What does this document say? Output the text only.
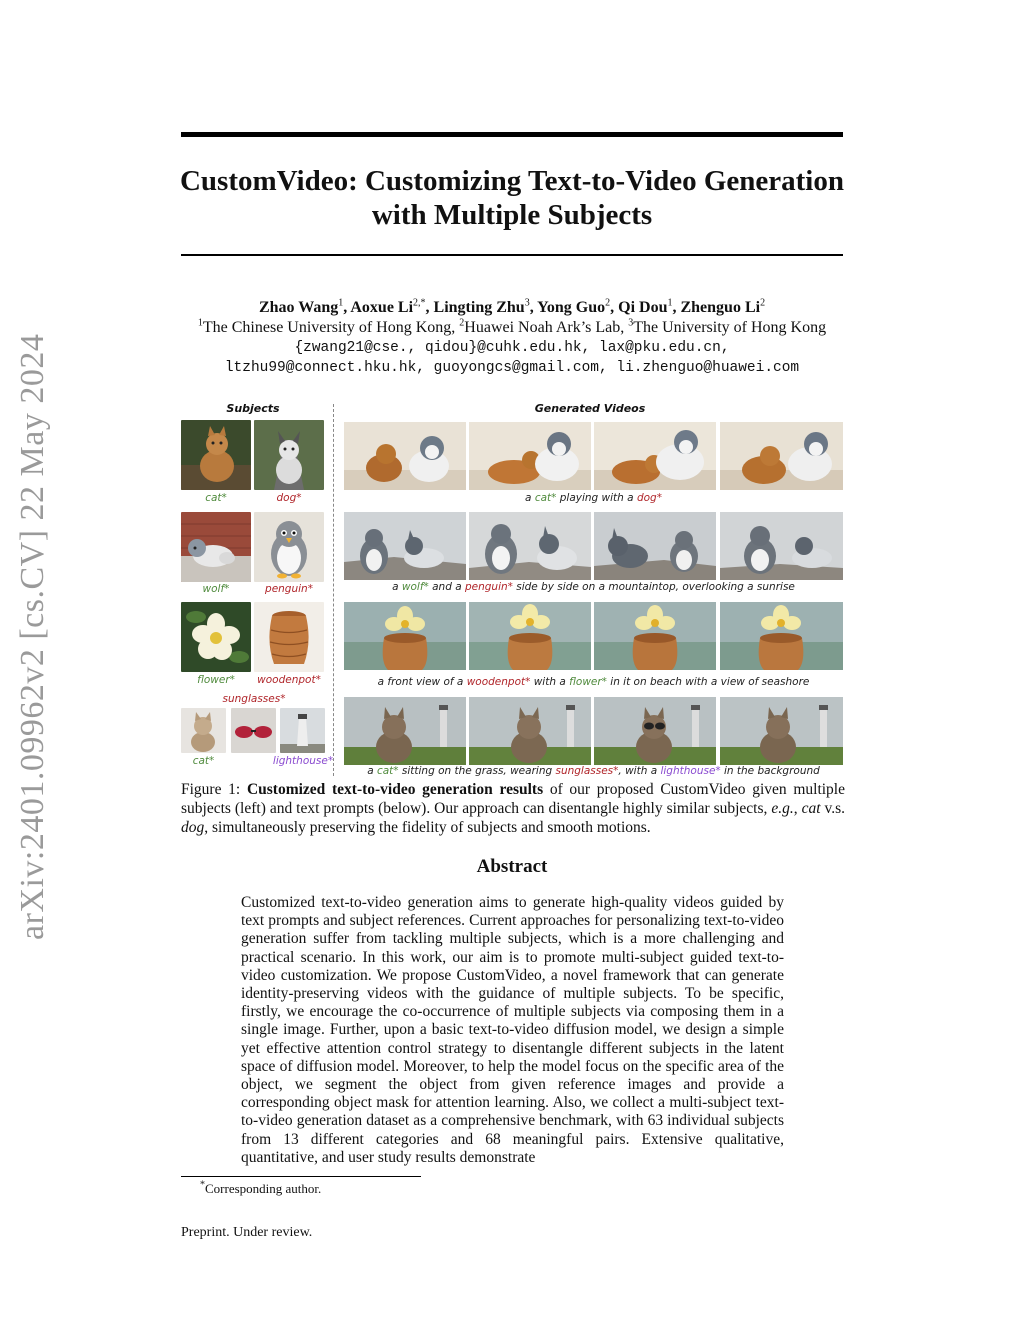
arXiv:2401.09962v2 [cs.CV] 22 May 2024
CustomVideo: Customizing Text-to-Video Generation
with Multiple Subjects
Zhao Wang$^1$, Aoxue $Li^{2,*}$, Lingting Zhu$^3$, Yong Guo$^2$, Qi Dou$^1$, Zhenguo Li$^2$
$^1$The Chinese University of Hong Kong, $^2$Huawei Noah Ark’s Lab, $^3$The University of Hong Kong
{zwang21@cse., qidou}@cuhk.edu.hk, lax@pku.edu.cn,
ltzhu99@connect.hku.hk, guoyongcs@gmail.com, li.zhenguo@huawei.com
Subjects	Generated Videos
cat*	dog*	a cat* playing with a dog*
wolf*	penguin*	a wolf* and a penguin* side by side on a mountaintop, overlooking a sunrise
flower*	woodenpot*	a front view of a woodenpot* with a flower* in it on beach with a view of seashore
sunglasses*
cat*	lighthouse*
a cat* sitting on the grass, wearing sunglasses*, with a lighthouse* in the background
Figure 1: Customized text-to-video generation results of our proposed CustomVideo given multiple subjects (left) and text prompts (below). Our approach can disentangle highly similar subjects, e.g., cat v.s. dog, simultaneously preserving the fidelity of subjects and smooth motions.
Abstract
Customized text-to-video generation aims to generate high-quality videos guided by text prompts and subject references. Current approaches for personalizing text-to-video generation suffer from tackling multiple subjects, which is a more challenging and practical scenario. In this work, our aim is to promote multi-subject guided text-to-video customization. We propose CustomVideo, a novel framework that can generate identity-preserving videos with the guidance of multiple subjects. To be specific, firstly, we encourage the co-occurrence of multiple subjects via composing them in a single image. Further, upon a basic text-to-video diffusion model, we design a simple yet effective attention control strategy to disentangle different subjects in the latent space of diffusion model. Moreover, to help the model focus on the specific area of the object, we segment the object from given reference images and provide a corresponding object mask for attention learning. Also, we collect a multi-subject text-to-video generation dataset as a comprehensive benchmark, with 63 individual subjects from 13 different categories and 68 meaningful pairs. Extensive qualitative, quantitative, and user study results demonstrate
*Corresponding author.
Preprint. Under review.
